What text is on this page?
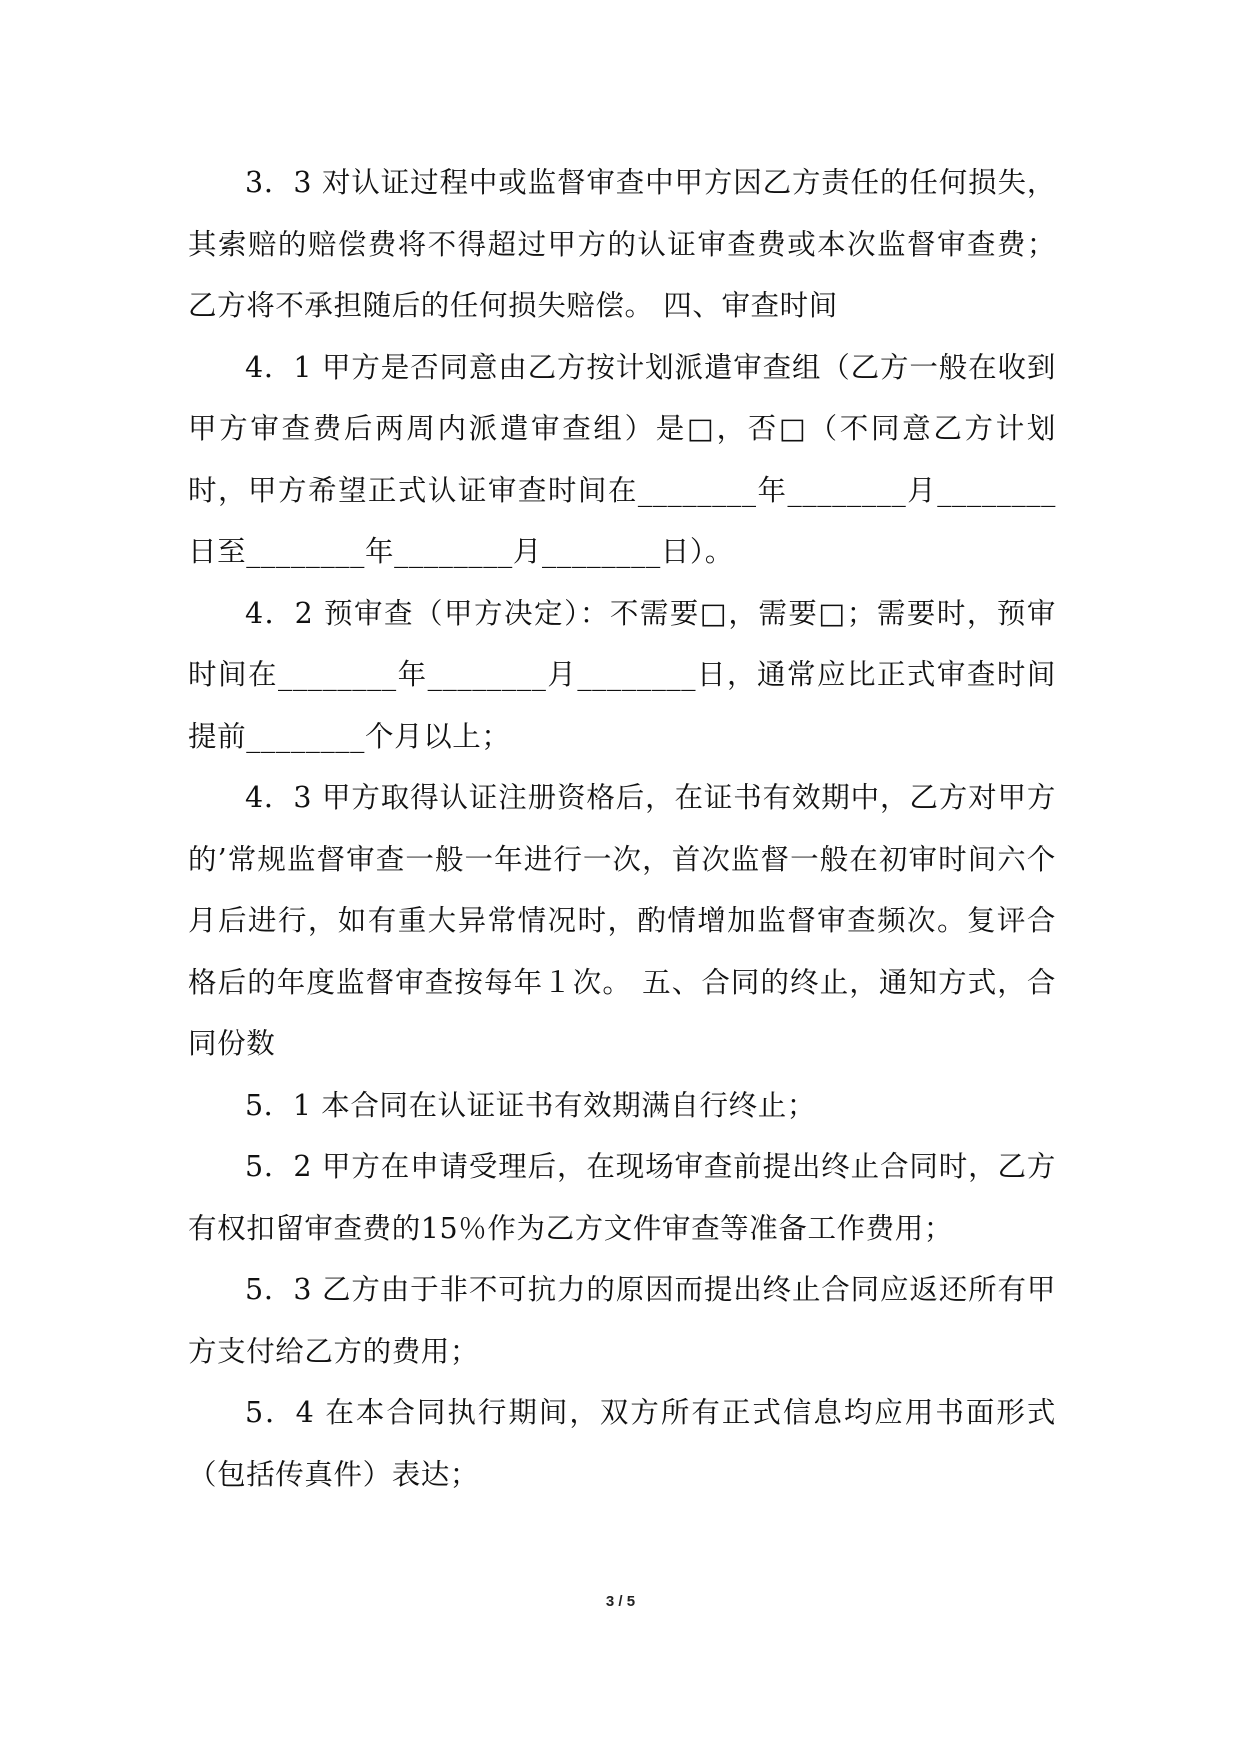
3．3 对认证过程中或监督审查中甲方因乙方责任的任何损失，其索赔的赔偿费将不得超过甲方的认证审查费或本次监督审查费；乙方将不承担随后的任何损失赔偿。 四、审查时间

4．1 甲方是否同意由乙方按计划派遣审查组（乙方一般在收到甲方审查费后两周内派遣审查组）是□，否□（不同意乙方计划时，甲方希望正式认证审查时间在________年________月________日至________年________月________日）。

4．2 预审查（甲方决定）：不需要□，需要□；需要时，预审时间在________年________月________日，通常应比正式审查时间提前________个月以上；

4．3 甲方取得认证注册资格后，在证书有效期中，乙方对甲方的’常规监督审查一般一年进行一次，首次监督一般在初审时间六个月后进行，如有重大异常情况时，酌情增加监督审查频次。复评合格后的年度监督审查按每年１次。 五、合同的终止，通知方式，合同份数

5．1 本合同在认证证书有效期满自行终止；

5．2 甲方在申请受理后，在现场审查前提出终止合同时，乙方有权扣留审查费的15％作为乙方文件审查等准备工作费用；

5．3 乙方由于非不可抗力的原因而提出终止合同应返还所有甲方支付给乙方的费用；

5．4 在本合同执行期间，双方所有正式信息均应用书面形式（包括传真件）表达；

3 / 5
